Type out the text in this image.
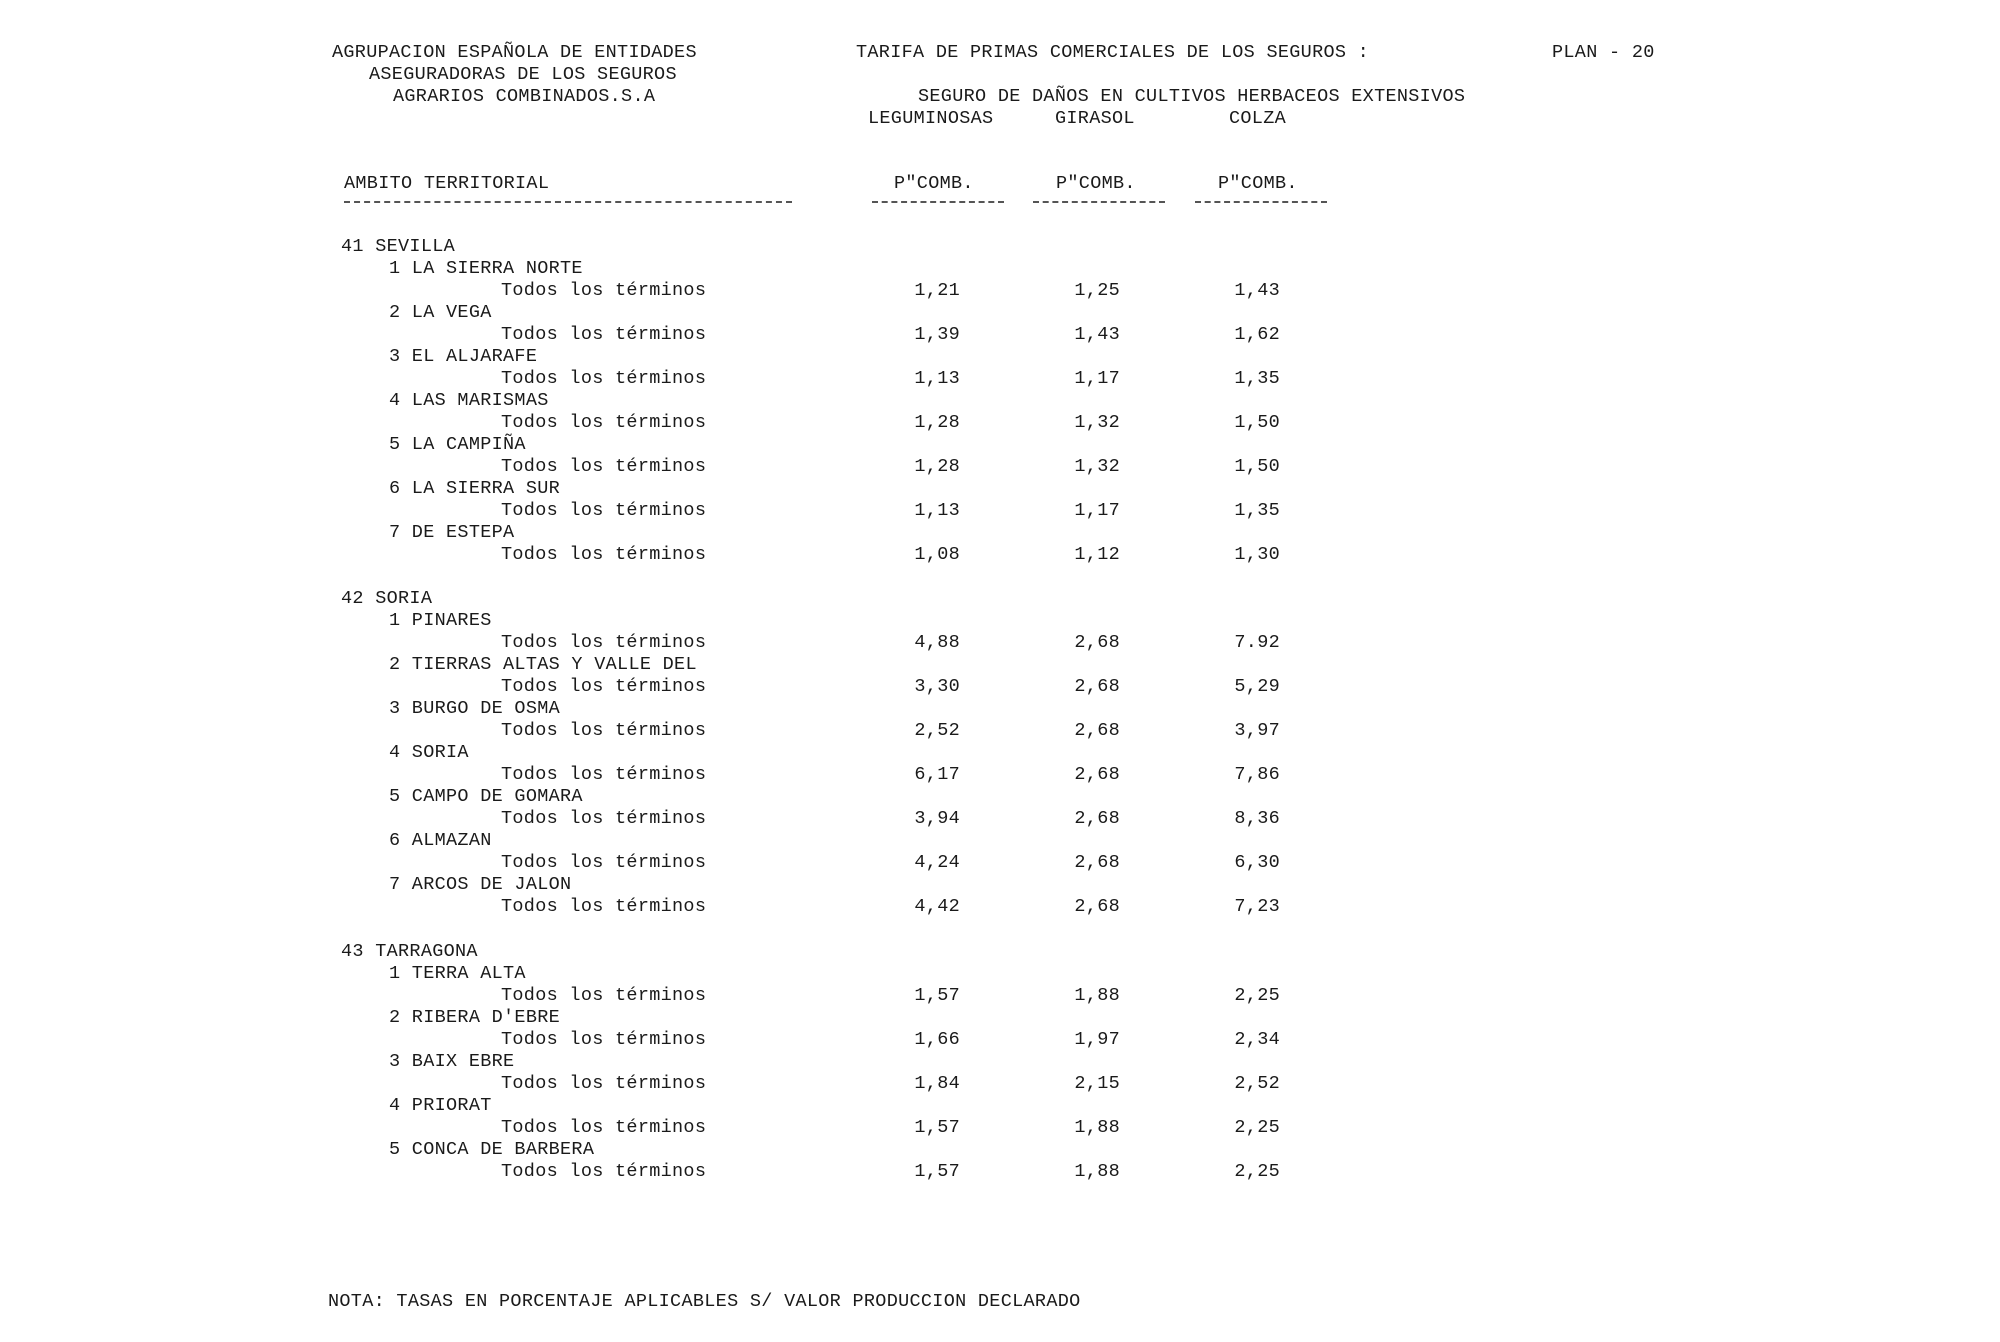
AGRUPACION ESPAÑOLA DE ENTIDADES
ASEGURADORAS DE LOS SEGUROS
AGRARIOS COMBINADOS.S.A
TARIFA DE PRIMAS COMERCIALES DE LOS SEGUROS :	PLAN - 20
SEGURO DE DAÑOS EN CULTIVOS HERBACEOS EXTENSIVOS
LEGUMINOSAS	GIRASOL	COLZA
AMBITO TERRITORIAL	P"COMB.	P"COMB.	P"COMB.
41 SEVILLA
1 LA SIERRA NORTE
Todos los términos	1,21	1,25	1,43
2 LA VEGA
Todos los términos	1,39	1,43	1,62
3 EL ALJARAFE
Todos los términos	1,13	1,17	1,35
4 LAS MARISMAS
Todos los términos	1,28	1,32	1,50
5 LA CAMPIÑA
Todos los términos	1,28	1,32	1,50
6 LA SIERRA SUR
Todos los términos	1,13	1,17	1,35
7 DE ESTEPA
Todos los términos	1,08	1,12	1,30
42 SORIA
1 PINARES
Todos los términos	4,88	2,68	7.92
2 TIERRAS ALTAS Y VALLE DEL
Todos los términos	3,30	2,68	5,29
3 BURGO DE OSMA
Todos los términos	2,52	2,68	3,97
4 SORIA
Todos los términos	6,17	2,68	7,86
5 CAMPO DE GOMARA
Todos los términos	3,94	2,68	8,36
6 ALMAZAN
Todos los términos	4,24	2,68	6,30
7 ARCOS DE JALON
Todos los términos	4,42	2,68	7,23
43 TARRAGONA
1 TERRA ALTA
Todos los términos	1,57	1,88	2,25
2 RIBERA D'EBRE
Todos los términos	1,66	1,97	2,34
3 BAIX EBRE
Todos los términos	1,84	2,15	2,52
4 PRIORAT
Todos los términos	1,57	1,88	2,25
5 CONCA DE BARBERA
Todos los términos	1,57	1,88	2,25
NOTA: TASAS EN PORCENTAJE APLICABLES S/ VALOR PRODUCCION DECLARADO
